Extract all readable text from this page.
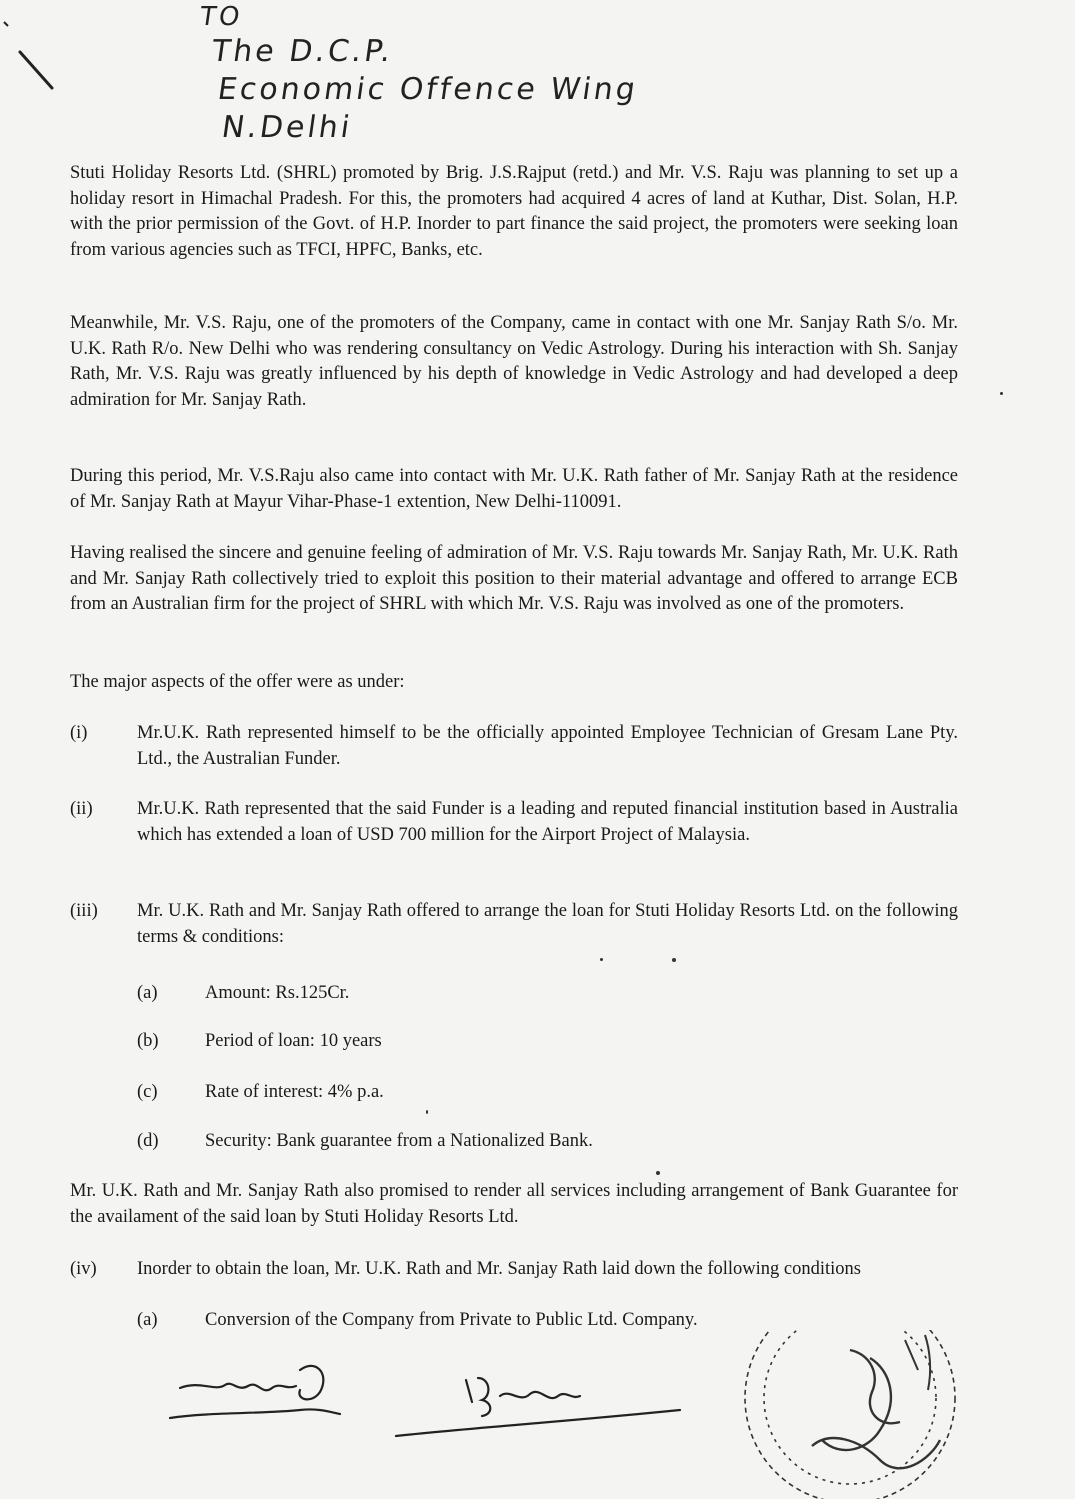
TO
The D.C.P.
Economic Offence Wing
N.Delhi

Stuti Holiday Resorts Ltd. (SHRL) promoted by Brig. J.S.Rajput (retd.) and Mr. V.S. Raju was planning to set up a holiday resort in Himachal Pradesh. For this, the promoters had acquired 4 acres of land at Kuthar, Dist. Solan, H.P. with the prior permission of the Govt. of H.P. Inorder to part finance the said project, the promoters were seeking loan from various agencies such as TFCI, HPFC, Banks, etc.

Meanwhile, Mr. V.S. Raju, one of the promoters of the Company, came in contact with one Mr. Sanjay Rath S/o. Mr. U.K. Rath R/o. New Delhi who was rendering consultancy on Vedic Astrology. During his interaction with Sh. Sanjay Rath, Mr. V.S. Raju was greatly influenced by his depth of knowledge in Vedic Astrology and had developed a deep admiration for Mr. Sanjay Rath.

During this period, Mr. V.S.Raju also came into contact with Mr. U.K. Rath father of Mr. Sanjay Rath at the residence of Mr. Sanjay Rath at Mayur Vihar-Phase-1 extention, New Delhi-110091.

Having realised the sincere and genuine feeling of admiration of Mr. V.S. Raju towards Mr. Sanjay Rath, Mr. U.K. Rath and Mr. Sanjay Rath collectively tried to exploit this position to their material advantage and offered to arrange ECB from an Australian firm for the project of SHRL with which Mr. V.S. Raju was involved as one of the promoters.

The major aspects of the offer were as under:

(i)	Mr.U.K. Rath represented himself to be the officially appointed Employee Technician of Gresam Lane Pty. Ltd., the Australian Funder.
(ii) Mr.U.K. Rath represented that the said Funder is a leading and reputed financial institution based in Australia which has extended a loan of USD 700 million for the Airport Project of Malaysia.
(iii) Mr. U.K. Rath and Mr. Sanjay Rath offered to arrange the loan for Stuti Holiday Resorts Ltd. on the following terms & conditions:
(a)	Amount: Rs.125Cr.
(b)	Period of loan: 10 years
(c)	Rate of interest: 4% p.a.
(d)	Security: Bank guarantee from a Nationalized Bank.

Mr. U.K. Rath and Mr. Sanjay Rath also promised to render all services including arrangement of Bank Guarantee for the availament of the said loan by Stuti Holiday Resorts Ltd.

(iv) Inorder to obtain the loan, Mr. U.K. Rath and Mr. Sanjay Rath laid down the following conditions
(a)	Conversion of the Company from Private to Public Ltd. Company.
